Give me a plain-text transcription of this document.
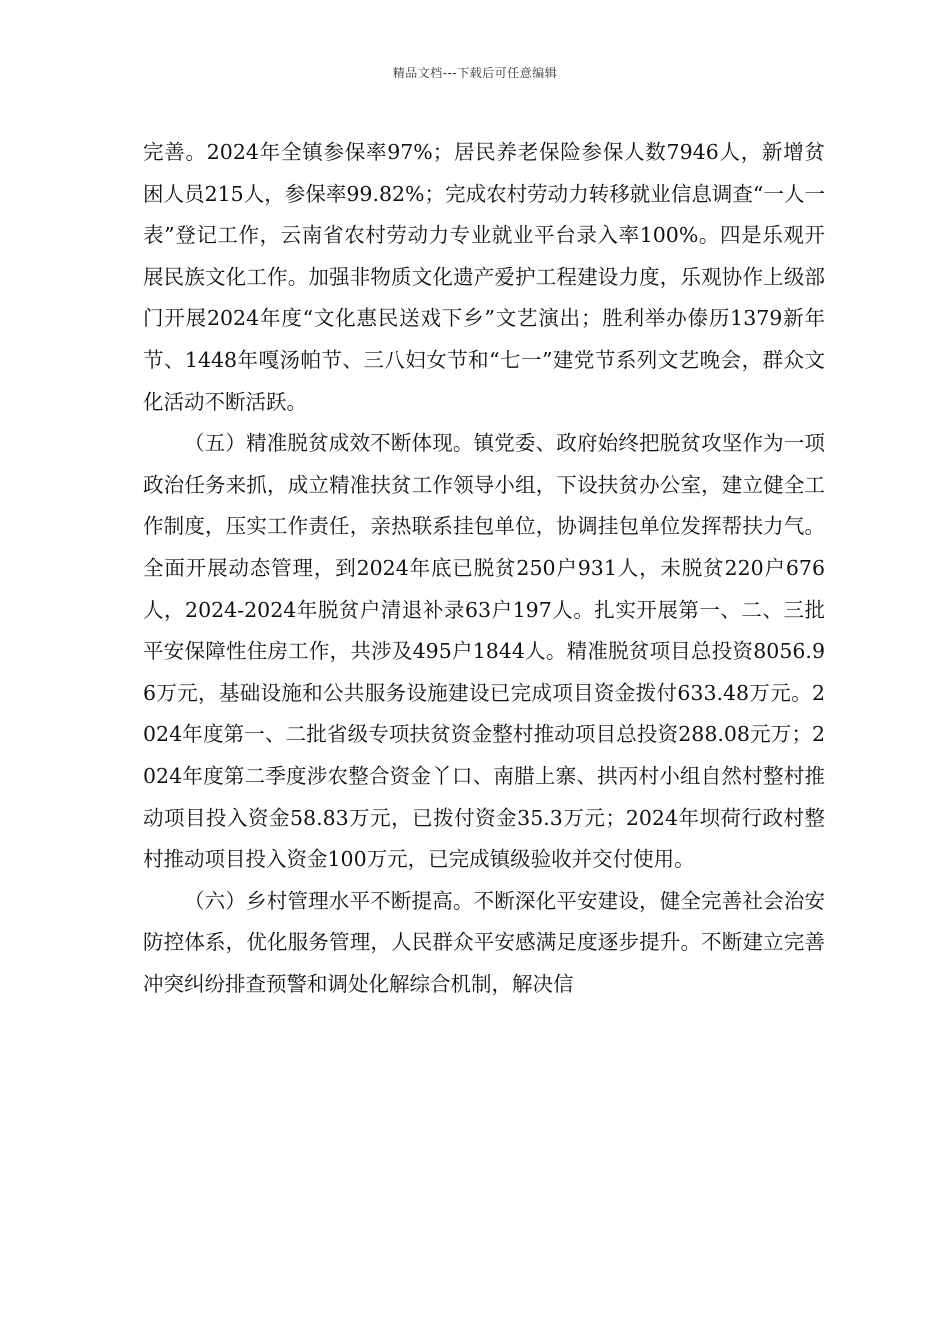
精品文档---下载后可任意编辑

完善。2024年全镇参保率97%；居民养老保险参保人数7946人，新增贫困人员215人，参保率99.82%；完成农村劳动力转移就业信息调查“一人一表”登记工作，云南省农村劳动力专业就业平台录入率100%。四是乐观开展民族文化工作。加强非物质文化遗产爱护工程建设力度，乐观协作上级部门开展2024年度“文化惠民送戏下乡”文艺演出；胜利举办傣历1379新年节、1448年嘎汤帕节、三八妇女节和“七一”建党节系列文艺晚会，群众文化活动不断活跃。

（五）精准脱贫成效不断体现。镇党委、政府始终把脱贫攻坚作为一项政治任务来抓，成立精准扶贫工作领导小组，下设扶贫办公室，建立健全工作制度，压实工作责任，亲热联系挂包单位，协调挂包单位发挥帮扶力气。全面开展动态管理，到2024年底已脱贫250户931人，未脱贫220户676人，2024-2024年脱贫户清退补录63户197人。扎实开展第一、二、三批平安保障性住房工作，共涉及495户1844人。精准脱贫项目总投资8056.96万元，基础设施和公共服务设施建设已完成项目资金拨付633.48万元。2024年度第一、二批省级专项扶贫资金整村推动项目总投资288.08元万；2024年度第二季度涉农整合资金丫口、南腊上寨、拱丙村小组自然村整村推动项目投入资金58.83万元，已拨付资金35.3万元；2024年坝荷行政村整村推动项目投入资金100万元，已完成镇级验收并交付使用。

（六）乡村管理水平不断提高。不断深化平安建设，健全完善社会治安防控体系，优化服务管理，人民群众平安感满足度逐步提升。不断建立完善冲突纠纷排查预警和调处化解综合机制，解决信
